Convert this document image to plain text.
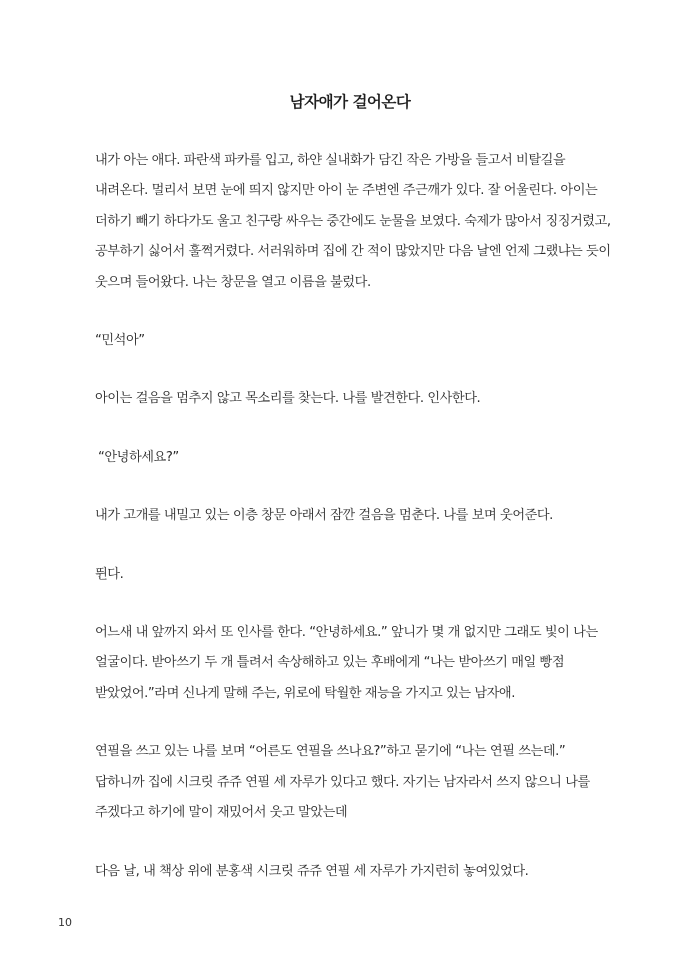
남자애가 걸어온다

내가 아는 애다. 파란색 파카를 입고, 하얀 실내화가 담긴 작은 가방을 들고서 비탈길을 내려온다. 멀리서 보면 눈에 띄지 않지만 아이 눈 주변엔 주근깨가 있다. 잘 어울린다. 아이는 더하기 빼기 하다가도 울고 친구랑 싸우는 중간에도 눈물을 보였다. 숙제가 많아서 징징거렸고, 공부하기 싫어서 훌쩍거렸다. 서러워하며 집에 간 적이 많았지만 다음 날엔 언제 그랬냐는 듯이 웃으며 들어왔다. 나는 창문을 열고 이름을 불렀다.

“민석아”

아이는 걸음을 멈추지 않고 목소리를 찾는다. 나를 발견한다. 인사한다.

“안녕하세요?”

내가 고개를 내밀고 있는 이층 창문 아래서 잠깐 걸음을 멈춘다. 나를 보며 웃어준다.

뛴다.

어느새 내 앞까지 와서 또 인사를 한다. “안녕하세요.” 앞니가 몇 개 없지만 그래도 빛이 나는 얼굴이다. 받아쓰기 두 개 틀려서 속상해하고 있는 후배에게 “나는 받아쓰기 매일 빵점 받았었어.”라며 신나게 말해 주는, 위로에 탁월한 재능을 가지고 있는 남자애.

연필을 쓰고 있는 나를 보며 “어른도 연필을 쓰나요?”하고 묻기에 “나는 연필 쓰는데.” 답하니까 집에 시크릿 쥬쥬 연필 세 자루가 있다고 했다. 자기는 남자라서 쓰지 않으니 나를 주겠다고 하기에 말이 재밌어서 웃고 말았는데

다음 날, 내 책상 위에 분홍색 시크릿 쥬쥬 연필 세 자루가 가지런히 놓여있었다.

10
